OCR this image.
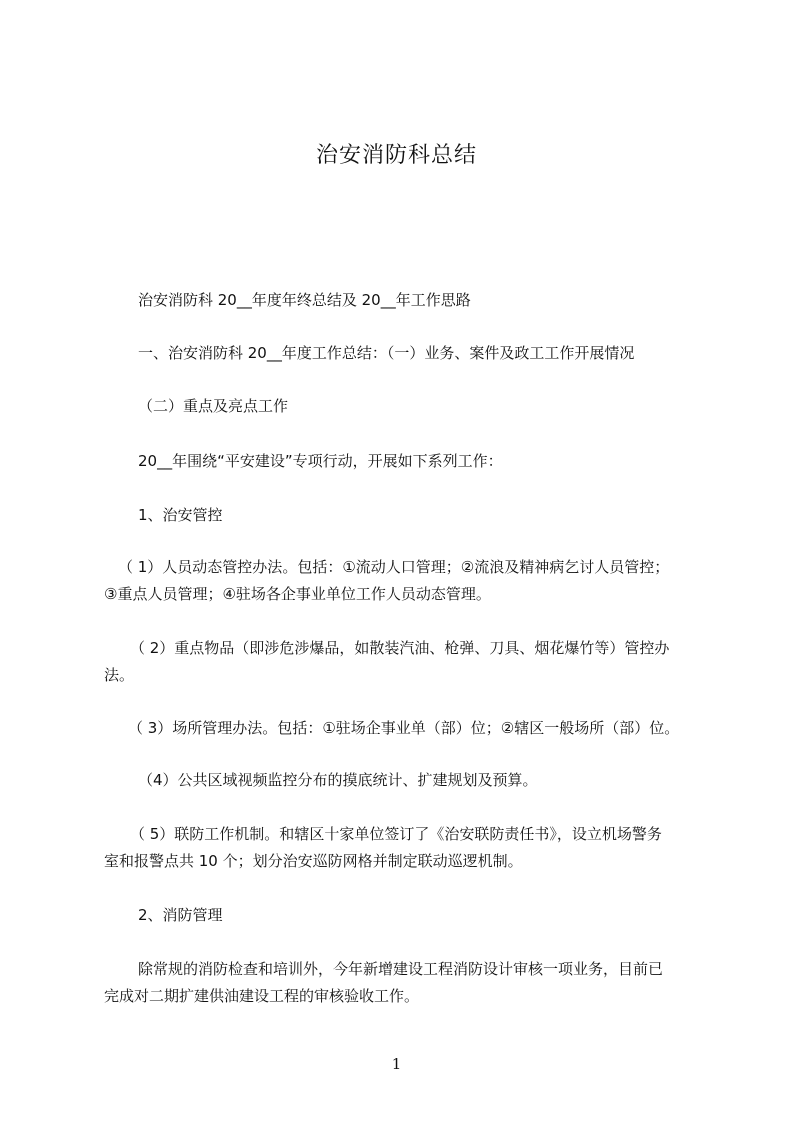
治安消防科总结

治安消防科 20__年度年终总结及 20__年工作思路

一、治安消防科 20__年度工作总结：（一）业务、案件及政工工作开展情况

（二）重点及亮点工作

20__年围绕“平安建设”专项行动，开展如下系列工作：

1、治安管控

（ 1）人员动态管控办法。包括：①流动人口管理；②流浪及精神病乞讨人员管控；

③重点人员管理；④驻场各企事业单位工作人员动态管理。

（ 2）重点物品（即涉危涉爆品，如散装汽油、枪弹、刀具、烟花爆竹等）管控办

法。

（ 3）场所管理办法。包括：①驻场企事业单（部）位；②辖区一般场所（部）位。

（4）公共区域视频监控分布的摸底统计、扩建规划及预算。

（ 5）联防工作机制。和辖区十家单位签订了《治安联防责任书》，设立机场警务

室和报警点共 10 个；划分治安巡防网格并制定联动巡逻机制。

2、消防管理

除常规的消防检查和培训外，今年新增建设工程消防设计审核一项业务，目前已

完成对二期扩建供油建设工程的审核验收工作。

1
